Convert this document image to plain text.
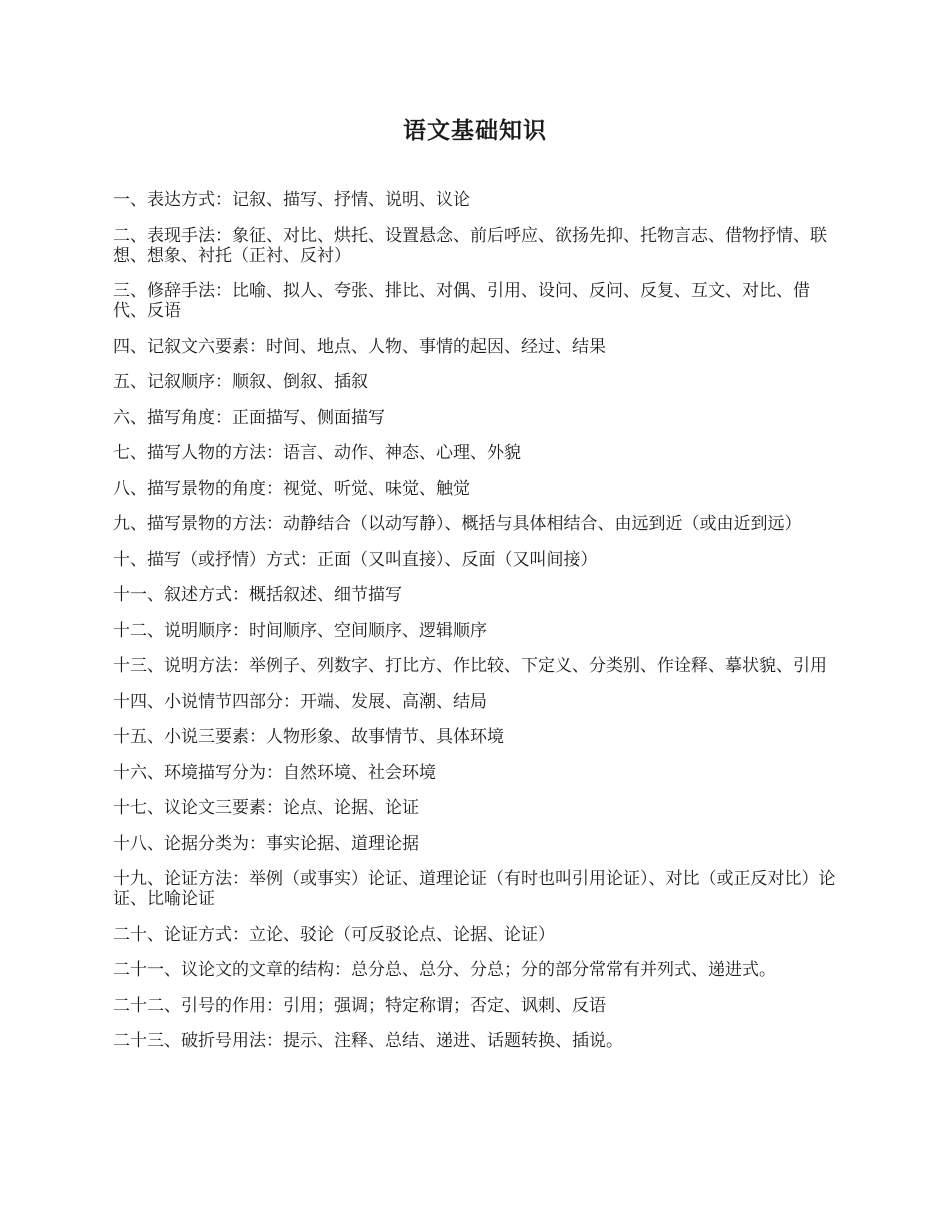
语文基础知识
一、表达方式：记叙、描写、抒情、说明、议论
二、表现手法：象征、对比、烘托、设置悬念、前后呼应、欲扬先抑、托物言志、借物抒情、联想、想象、衬托（正衬、反衬）
三、修辞手法：比喻、拟人、夸张、排比、对偶、引用、设问、反问、反复、互文、对比、借代、反语
四、记叙文六要素：时间、地点、人物、事情的起因、经过、结果
五、记叙顺序：顺叙、倒叙、插叙
六、描写角度：正面描写、侧面描写
七、描写人物的方法：语言、动作、神态、心理、外貌
八、描写景物的角度：视觉、听觉、味觉、触觉
九、描写景物的方法：动静结合（以动写静）、概括与具体相结合、由远到近（或由近到远）
十、描写（或抒情）方式：正面（又叫直接）、反面（又叫间接）
十一、叙述方式：概括叙述、细节描写
十二、说明顺序：时间顺序、空间顺序、逻辑顺序
十三、说明方法：举例子、列数字、打比方、作比较、下定义、分类别、作诠释、摹状貌、引用
十四、小说情节四部分：开端、发展、高潮、结局
十五、小说三要素：人物形象、故事情节、具体环境
十六、环境描写分为：自然环境、社会环境
十七、议论文三要素：论点、论据、论证
十八、论据分类为：事实论据、道理论据
十九、论证方法：举例（或事实）论证、道理论证（有时也叫引用论证）、对比（或正反对比）论证、比喻论证
二十、论证方式：立论、驳论（可反驳论点、论据、论证）
二十一、议论文的文章的结构：总分总、总分、分总；分的部分常常有并列式、递进式。
二十二、引号的作用：引用；强调；特定称谓；否定、讽刺、反语
二十三、破折号用法：提示、注释、总结、递进、话题转换、插说。
